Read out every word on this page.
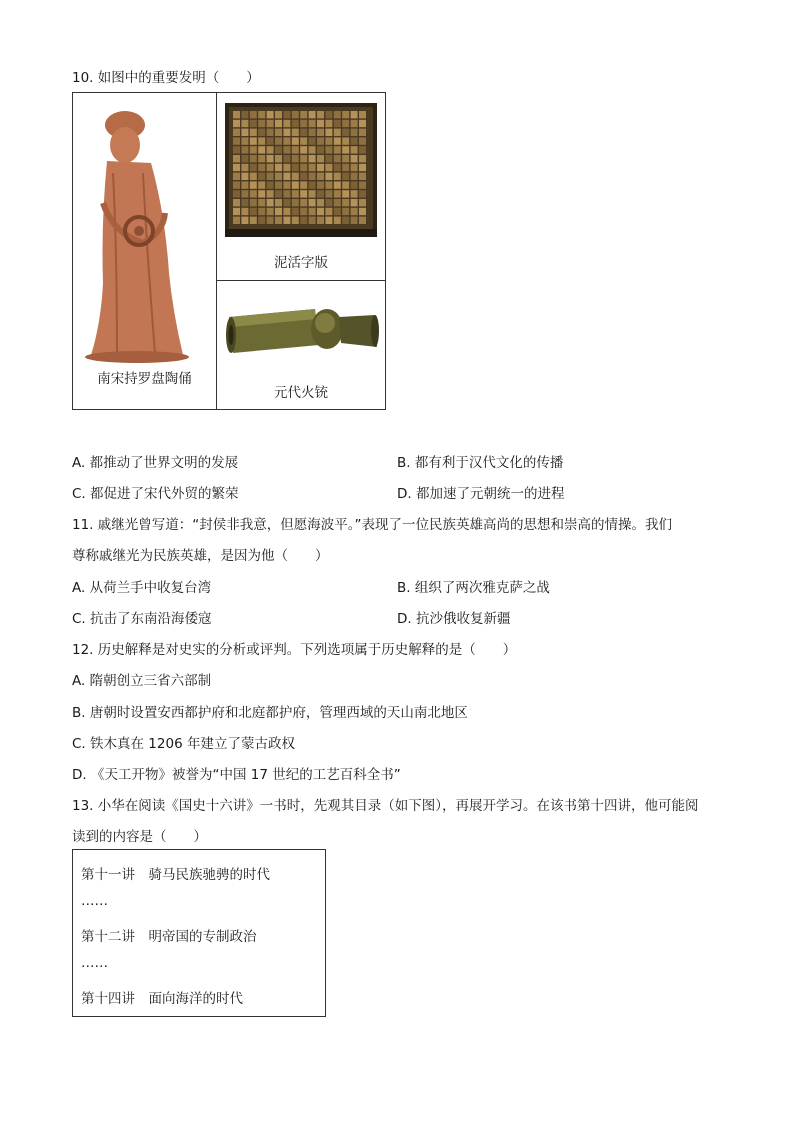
10. 如图中的重要发明（　　）
南宋持罗盘陶俑
泥活字版
元代火铳
A. 都推动了世界文明的发展	B. 都有利于汉代文化的传播
C. 都促进了宋代外贸的繁荣	D. 都加速了元朝统一的进程
11. 戚继光曾写道：“封侯非我意，但愿海波平。”表现了一位民族英雄高尚的思想和崇高的情操。我们
尊称戚继光为民族英雄，是因为他（　　）
A. 从荷兰手中收复台湾	B. 组织了两次雅克萨之战
C. 抗击了东南沿海倭寇	D. 抗沙俄收复新疆
12. 历史解释是对史实的分析或评判。下列选项属于历史解释的是（　　）
A. 隋朝创立三省六部制
B. 唐朝时设置安西都护府和北庭都护府，管理西域的天山南北地区
C. 铁木真在 1206 年建立了蒙古政权
D. 《天工开物》被誉为“中国 17 世纪的工艺百科全书”
13. 小华在阅读《国史十六讲》一书时，先观其目录（如下图），再展开学习。在该书第十四讲，他可能阅
读到的内容是（　　）
第十一讲　骑马民族驰骋的时代
……
第十二讲　明帝国的专制政治
……
第十四讲　面向海洋的时代
